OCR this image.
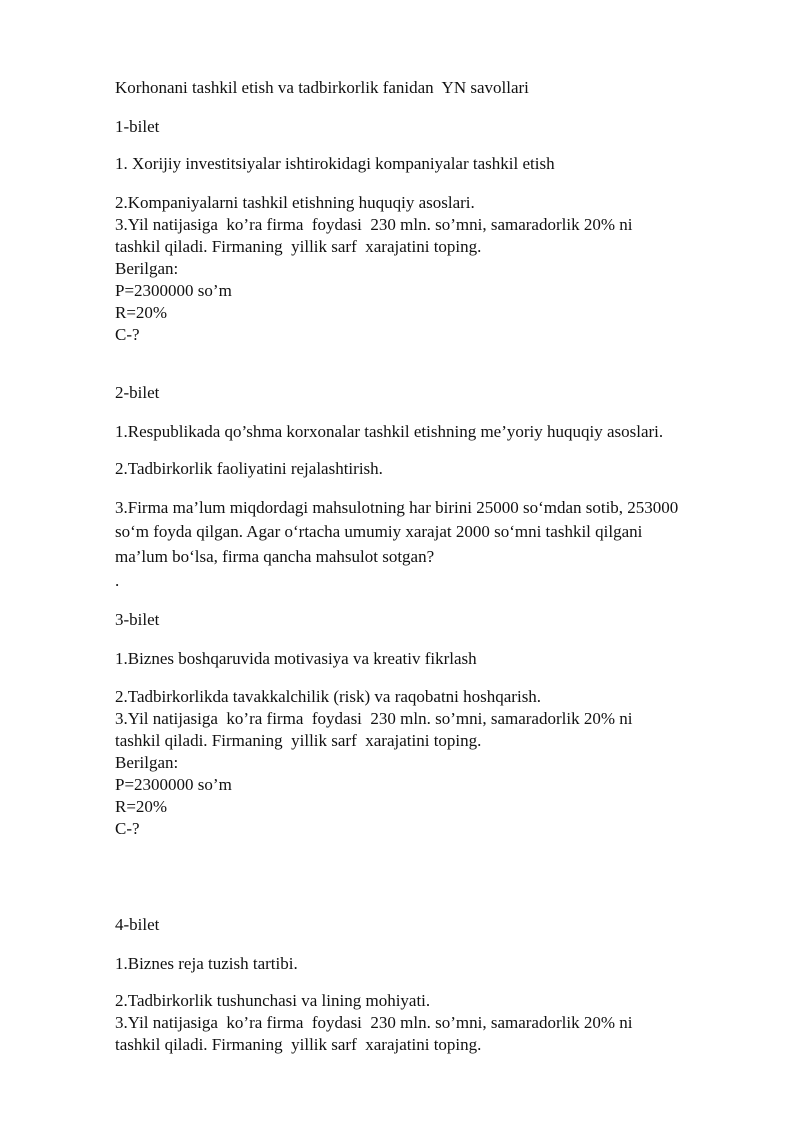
Korhonani tashkil etish va tadbirkorlik fanidan  YN savollari
1-bilet
1. Xorijiy investitsiyalar ishtirokidagi kompaniyalar tashkil etish
2.Kompaniyalarni tashkil etishning huquqiy asoslari.
3.Yil natijasiga  ko’ra firma  foydasi  230 mln. so’mni, samaradorlik 20% ni
tashkil qiladi. Firmaning  yillik sarf  xarajatini toping.
Berilgan:
P=2300000 so’m
R=20%
C-?
2-bilet
1.Respublikada qo’shma korxonalar tashkil etishning me’yoriy huquqiy asoslari.
2.Tadbirkorlik faoliyatini rejalashtirish.
3.Firma ma’lum miqdordagi mahsulotning har birini 25000 so‘mdan sotib, 253000
so‘m foyda qilgan. Agar o‘rtacha umumiy xarajat 2000 so‘mni tashkil qilgani
ma’lum bo‘lsa, firma qancha mahsulot sotgan?
.
3-bilet
1.Biznes boshqaruvida motivasiya va kreativ fikrlash
2.Tadbirkorlikda tavakkalchilik (risk) va raqobatni hoshqarish.
3.Yil natijasiga  ko’ra firma  foydasi  230 mln. so’mni, samaradorlik 20% ni
tashkil qiladi. Firmaning  yillik sarf  xarajatini toping.
Berilgan:
P=2300000 so’m
R=20%
C-?
4-bilet
1.Biznes reja tuzish tartibi.
2.Tadbirkorlik tushunchasi va lining mohiyati.
3.Yil natijasiga  ko’ra firma  foydasi  230 mln. so’mni, samaradorlik 20% ni
tashkil qiladi. Firmaning  yillik sarf  xarajatini toping.
